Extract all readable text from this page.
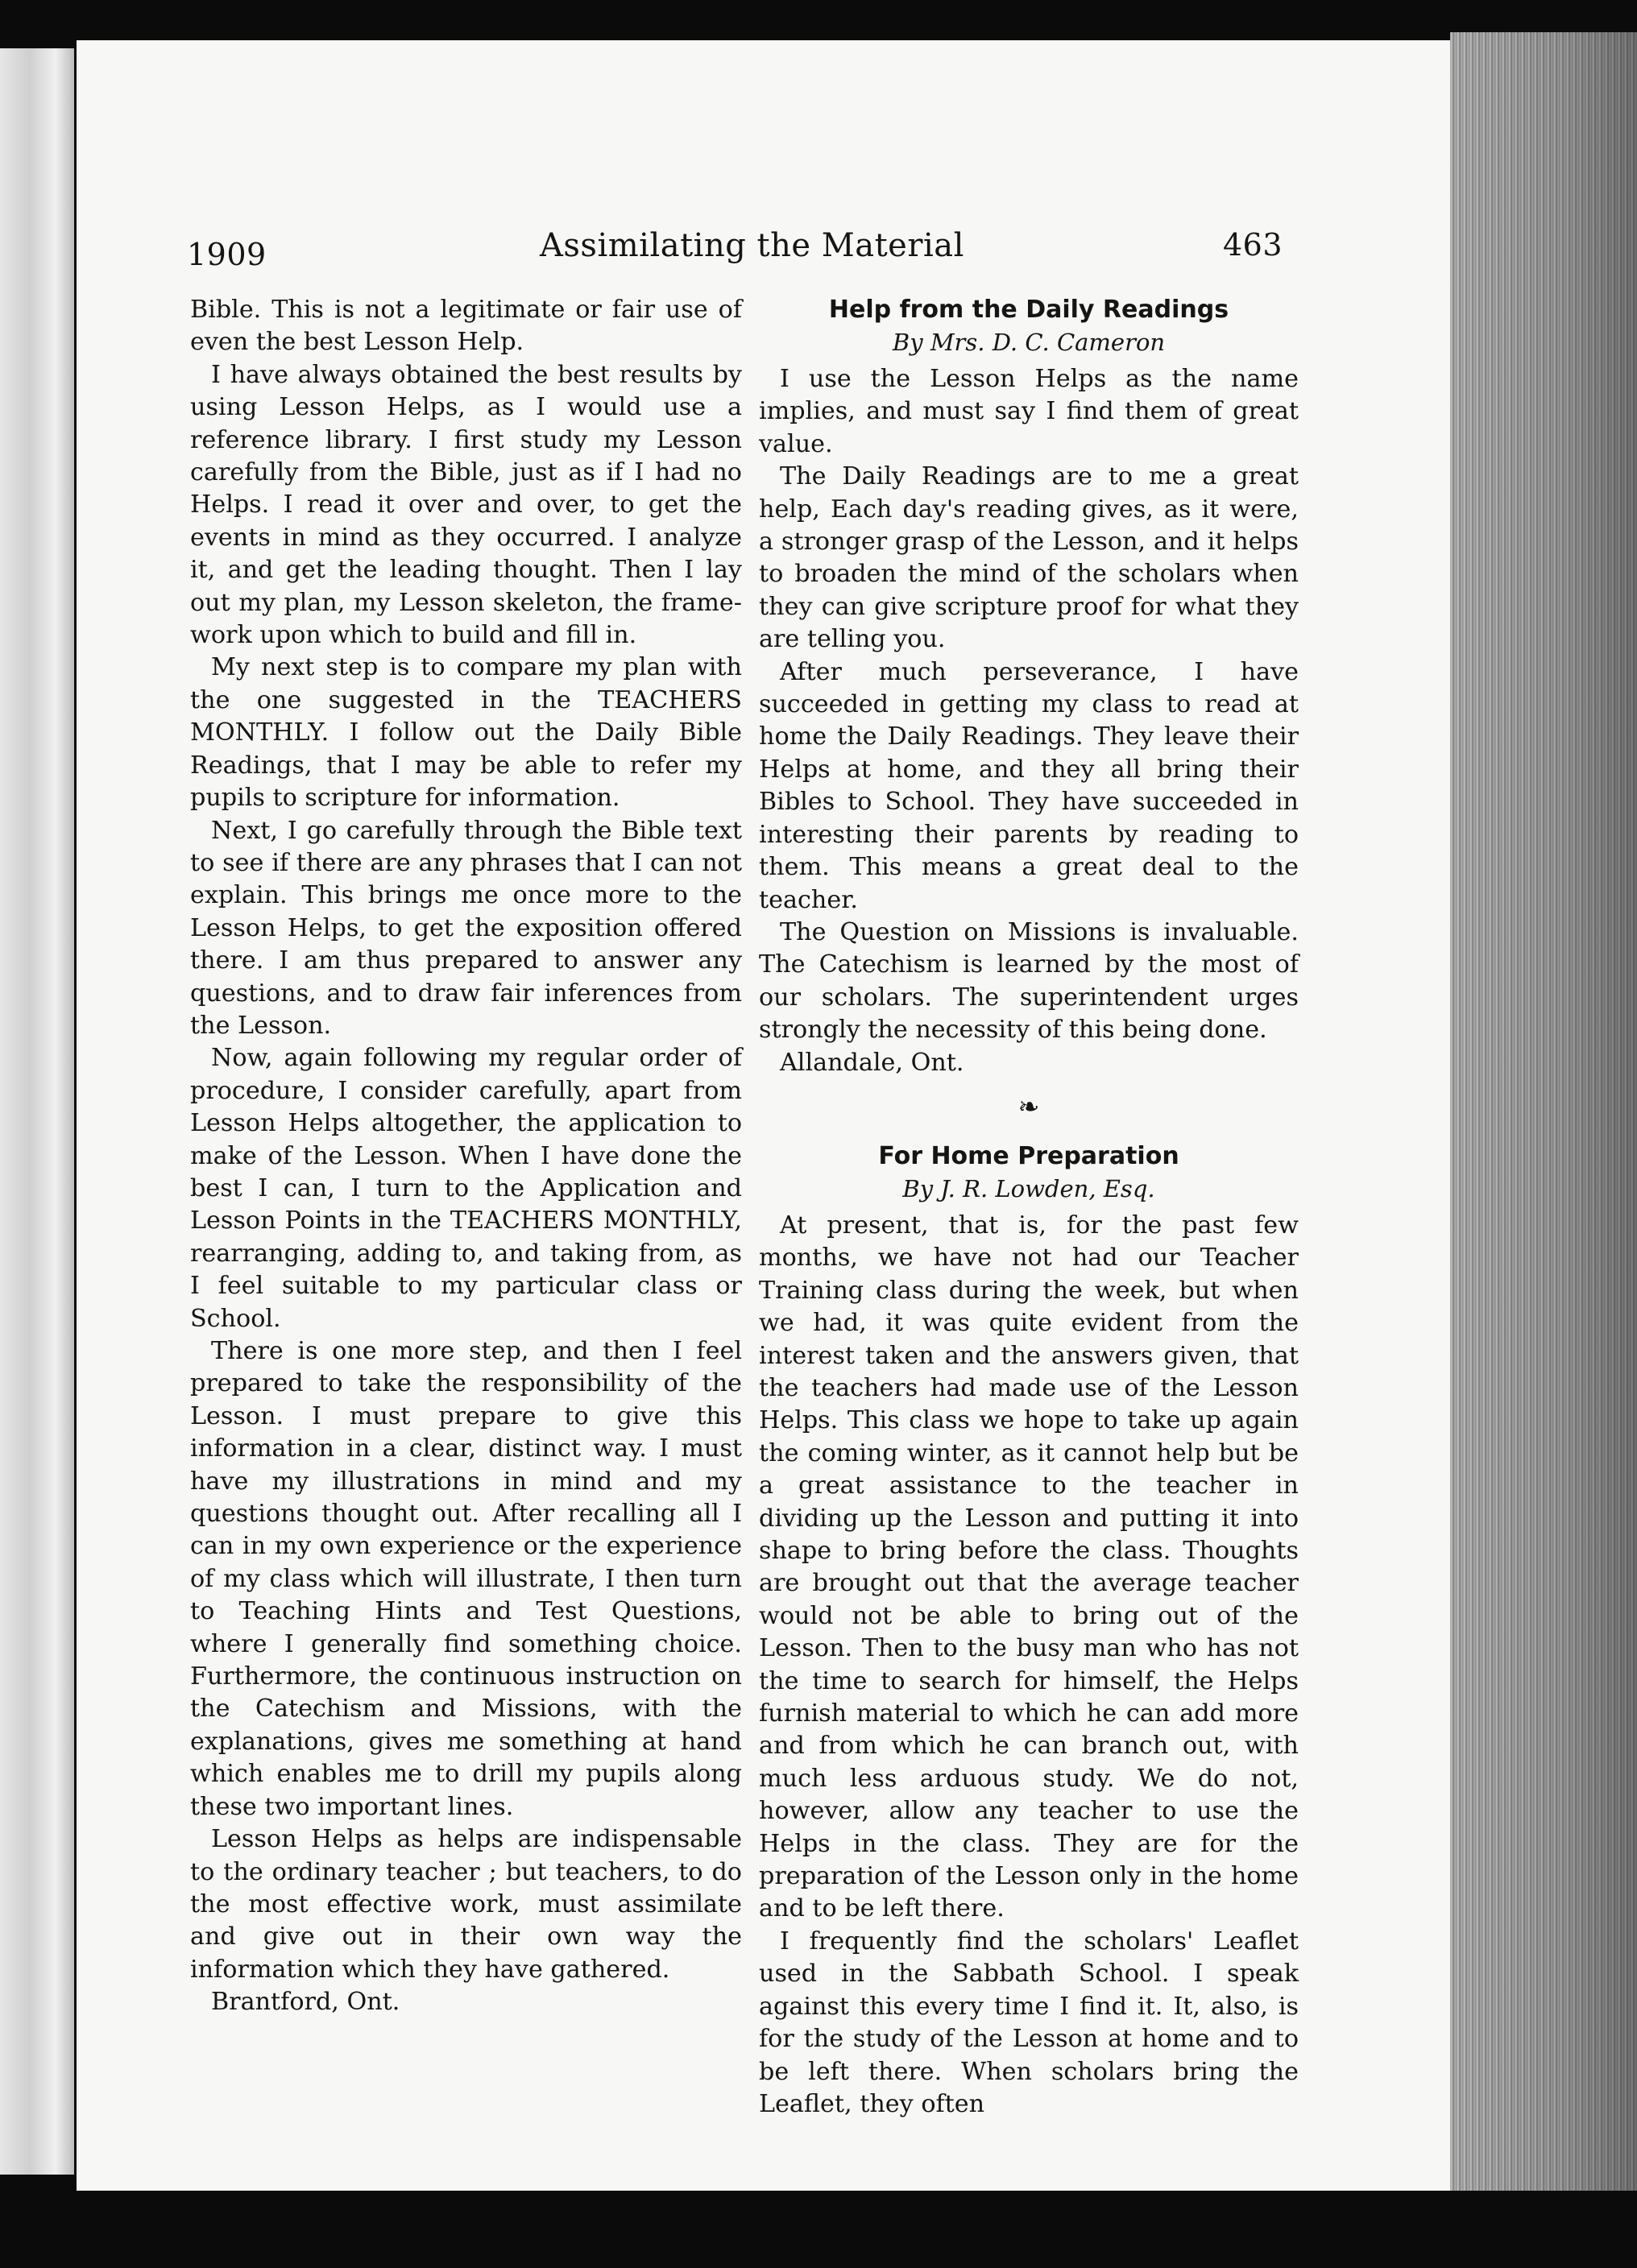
1909	Assimilating the Material	463

Bible. This is not a legitimate or fair use of even the best Lesson Help.

I have always obtained the best results by using Lesson Helps, as I would use a reference library. I first study my Lesson carefully from the Bible, just as if I had no Helps. I read it over and over, to get the events in mind as they occurred. I analyze it, and get the leading thought. Then I lay out my plan, my Lesson skeleton, the frame-work upon which to build and fill in.

My next step is to compare my plan with the one suggested in the TEACHERS MONTHLY. I follow out the Daily Bible Readings, that I may be able to refer my pupils to scripture for information.

Next, I go carefully through the Bible text to see if there are any phrases that I can not explain. This brings me once more to the Lesson Helps, to get the exposition offered there. I am thus prepared to answer any questions, and to draw fair inferences from the Lesson.

Now, again following my regular order of procedure, I consider carefully, apart from Lesson Helps altogether, the application to make of the Lesson. When I have done the best I can, I turn to the Application and Lesson Points in the TEACHERS MONTHLY, rearranging, adding to, and taking from, as I feel suitable to my particular class or School.

There is one more step, and then I feel prepared to take the responsibility of the Lesson. I must prepare to give this information in a clear, distinct way. I must have my illustrations in mind and my questions thought out. After recalling all I can in my own experience or the experience of my class which will illustrate, I then turn to Teaching Hints and Test Questions, where I generally find something choice. Furthermore, the continuous instruction on the Catechism and Missions, with the explanations, gives me something at hand which enables me to drill my pupils along these two important lines.

Lesson Helps as helps are indispensable to the ordinary teacher ; but teachers, to do the most effective work, must assimilate and give out in their own way the information which they have gathered.

Brantford, Ont.

Help from the Daily Readings
By Mrs. D. C. Cameron

I use the Lesson Helps as the name implies, and must say I find them of great value.

The Daily Readings are to me a great help, Each day's reading gives, as it were, a stronger grasp of the Lesson, and it helps to broaden the mind of the scholars when they can give scripture proof for what they are telling you.

After much perseverance, I have succeeded in getting my class to read at home the Daily Readings. They leave their Helps at home, and they all bring their Bibles to School. They have succeeded in interesting their parents by reading to them. This means a great deal to the teacher.

The Question on Missions is invaluable. The Catechism is learned by the most of our scholars. The superintendent urges strongly the necessity of this being done.

Allandale, Ont.

❧
For Home Preparation
By J. R. Lowden, Esq.

At present, that is, for the past few months, we have not had our Teacher Training class during the week, but when we had, it was quite evident from the interest taken and the answers given, that the teachers had made use of the Lesson Helps. This class we hope to take up again the coming winter, as it cannot help but be a great assistance to the teacher in dividing up the Lesson and putting it into shape to bring before the class. Thoughts are brought out that the average teacher would not be able to bring out of the Lesson. Then to the busy man who has not the time to search for himself, the Helps furnish material to which he can add more and from which he can branch out, with much less arduous study. We do not, however, allow any teacher to use the Helps in the class. They are for the preparation of the Lesson only in the home and to be left there.

I frequently find the scholars' Leaflet used in the Sabbath School. I speak against this every time I find it. It, also, is for the study of the Lesson at home and to be left there. When scholars bring the Leaflet, they often
